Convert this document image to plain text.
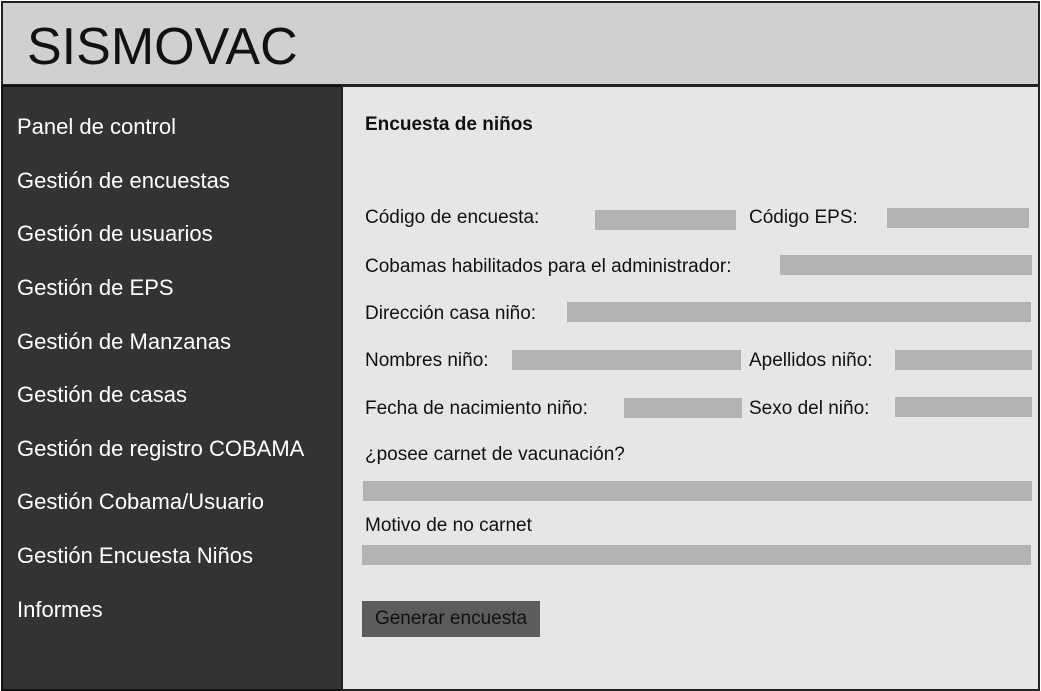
SISMOVAC
Panel de control
Gestión de encuestas
Gestión de usuarios
Gestión de EPS
Gestión de Manzanas
Gestión de casas
Gestión de registro COBAMA
Gestión Cobama/Usuario
Gestión Encuesta Niños
Informes
Encuesta de niños
Código de encuesta:	Código EPS:
Cobamas habilitados para el administrador:
Dirección casa niño:
Nombres niño:	Apellidos niño:
Fecha de nacimiento niño:	Sexo del niño:
¿posee carnet de vacunación?
Motivo de no carnet
Generar encuesta
